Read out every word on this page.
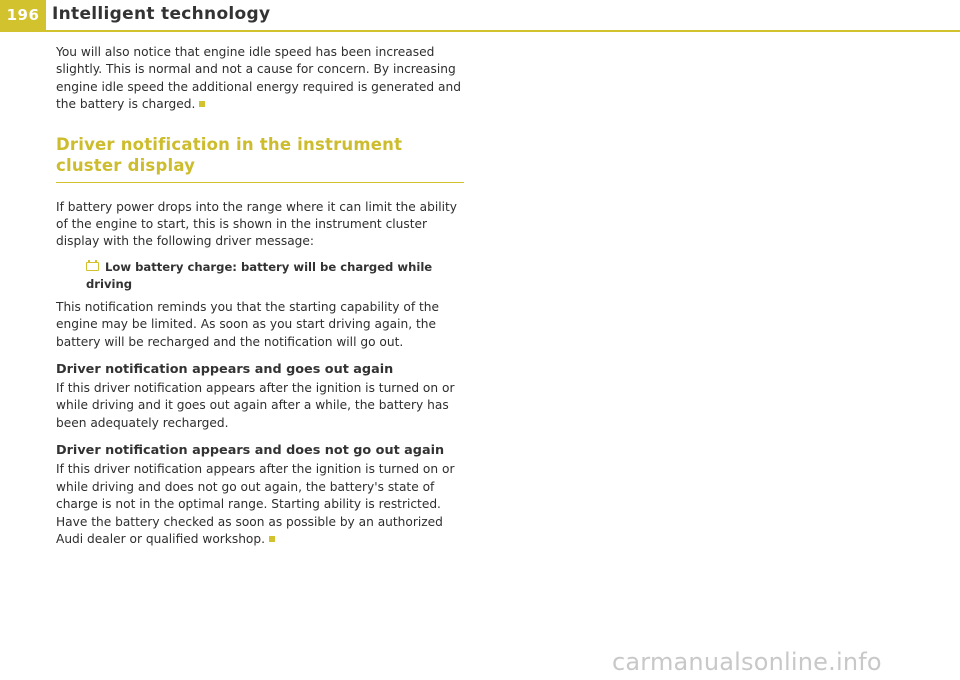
196 Intelligent technology

You will also notice that engine idle speed has been increased slightly. This is normal and not a cause for concern. By increasing engine idle speed the additional energy required is generated and the battery is charged.

Driver notification in the instrument cluster display

If battery power drops into the range where it can limit the ability of the engine to start, this is shown in the instrument cluster display with the following driver message:

Low battery charge: battery will be charged while driving

This notification reminds you that the starting capability of the engine may be limited. As soon as you start driving again, the battery will be recharged and the notification will go out.

Driver notification appears and goes out again

If this driver notification appears after the ignition is turned on or while driving and it goes out again after a while, the battery has been adequately recharged.

Driver notification appears and does not go out again

If this driver notification appears after the ignition is turned on or while driving and does not go out again, the battery's state of charge is not in the optimal range. Starting ability is restricted. Have the battery checked as soon as possible by an authorized Audi dealer or qualified workshop.

carmanualsonline.info
